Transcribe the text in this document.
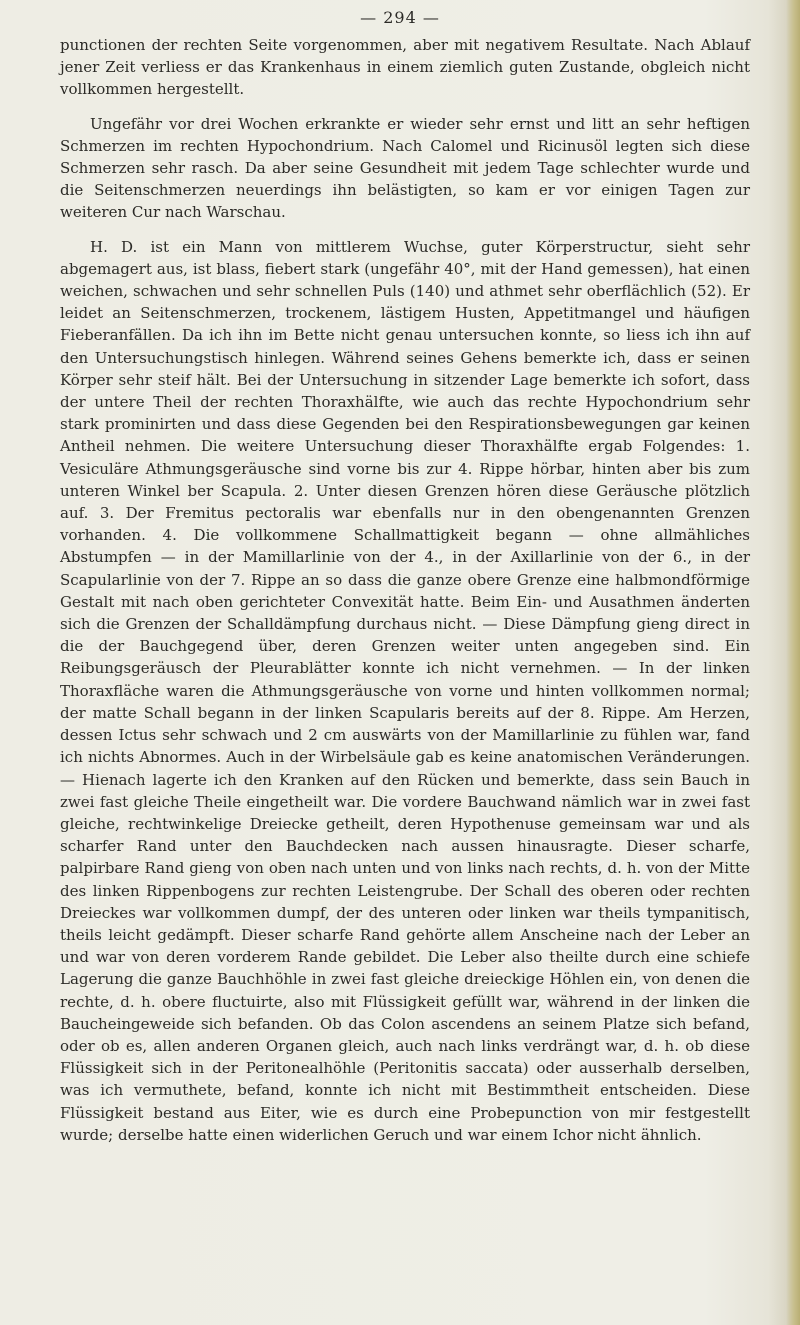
— 294 —

punctionen der rechten Seite vorgenommen, aber mit negativem Resultate. Nach Ablauf jener Zeit verliess er das Krankenhaus in einem ziemlich guten Zustande, obgleich nicht vollkommen hergestellt.

Ungefähr vor drei Wochen erkrankte er wieder sehr ernst und litt an sehr heftigen Schmerzen im rechten Hypochondrium. Nach Calomel und Ricinusöl legten sich diese Schmerzen sehr rasch. Da aber seine Gesundheit mit jedem Tage schlechter wurde und die Seitenschmerzen neuerdings ihn belästigten, so kam er vor einigen Tagen zur weiteren Cur nach Warschau.

H. D. ist ein Mann von mittlerem Wuchse, guter Körperstructur, sieht sehr abgemagert aus, ist blass, fiebert stark (ungefähr 40°, mit der Hand gemessen), hat einen weichen, schwachen und sehr schnellen Puls (140) und athmet sehr oberflächlich (52). Er leidet an Seitenschmerzen, trockenem, lästigem Husten, Appetitmangel und häufigen Fieberanfällen. Da ich ihn im Bette nicht genau untersuchen konnte, so liess ich ihn auf den Untersuchungstisch hinlegen. Während seines Gehens bemerkte ich, dass er seinen Körper sehr steif hält. Bei der Untersuchung in sitzender Lage bemerkte ich sofort, dass der untere Theil der rechten Thoraxhälfte, wie auch das rechte Hypochondrium sehr stark prominirten und dass diese Gegenden bei den Respirationsbewegungen gar keinen Antheil nehmen. Die weitere Untersuchung dieser Thoraxhälfte ergab Folgendes: 1. Vesiculäre Athmungsgeräusche sind vorne bis zur 4. Rippe hörbar, hinten aber bis zum unteren Winkel ber Scapula. 2. Unter diesen Grenzen hören diese Geräusche plötzlich auf. 3. Der Fremitus pectoralis war ebenfalls nur in den obengenannten Grenzen vorhanden. 4. Die vollkommene Schallmattigkeit begann — ohne allmähliches Abstumpfen — in der Mamillarlinie von der 4., in der Axillarlinie von der 6., in der Scapularlinie von der 7. Rippe an so dass die ganze obere Grenze eine halbmondförmige Gestalt mit nach oben gerichteter Convexität hatte. Beim Ein- und Ausathmen änderten sich die Grenzen der Schalldämpfung durchaus nicht. — Diese Dämpfung gieng direct in die der Bauchgegend über, deren Grenzen weiter unten angegeben sind. Ein Reibungsgeräusch der Pleurablätter konnte ich nicht vernehmen. — In der linken Thoraxfläche waren die Athmungsgeräusche von vorne und hinten vollkommen normal; der matte Schall begann in der linken Scapularis bereits auf der 8. Rippe. Am Herzen, dessen Ictus sehr schwach und 2 cm auswärts von der Mamillarlinie zu fühlen war, fand ich nichts Abnormes. Auch in der Wirbelsäule gab es keine anatomischen Veränderungen. — Hienach lagerte ich den Kranken auf den Rücken und bemerkte, dass sein Bauch in zwei fast gleiche Theile eingetheilt war. Die vordere Bauchwand nämlich war in zwei fast gleiche, rechtwinkelige Dreiecke getheilt, deren Hypothenuse gemeinsam war und als scharfer Rand unter den Bauchdecken nach aussen hinausragte. Dieser scharfe, palpirbare Rand gieng von oben nach unten und von links nach rechts, d. h. von der Mitte des linken Rippenbogens zur rechten Leistengrube. Der Schall des oberen oder rechten Dreieckes war vollkommen dumpf, der des unteren oder linken war theils tympanitisch, theils leicht gedämpft. Dieser scharfe Rand gehörte allem Anscheine nach der Leber an und war von deren vorderem Rande gebildet. Die Leber also theilte durch eine schiefe Lagerung die ganze Bauchhöhle in zwei fast gleiche dreieckige Höhlen ein, von denen die rechte, d. h. obere fluctuirte, also mit Flüssigkeit gefüllt war, während in der linken die Baucheingeweide sich befanden. Ob das Colon ascendens an seinem Platze sich befand, oder ob es, allen anderen Organen gleich, auch nach links verdrängt war, d. h. ob diese Flüssigkeit sich in der Peritonealhöhle (Peritonitis saccata) oder ausserhalb derselben, was ich vermuthete, befand, konnte ich nicht mit Bestimmtheit entscheiden. Diese Flüssigkeit bestand aus Eiter, wie es durch eine Probepunction von mir festgestellt wurde; derselbe hatte einen widerlichen Geruch und war einem Ichor nicht ähnlich.
